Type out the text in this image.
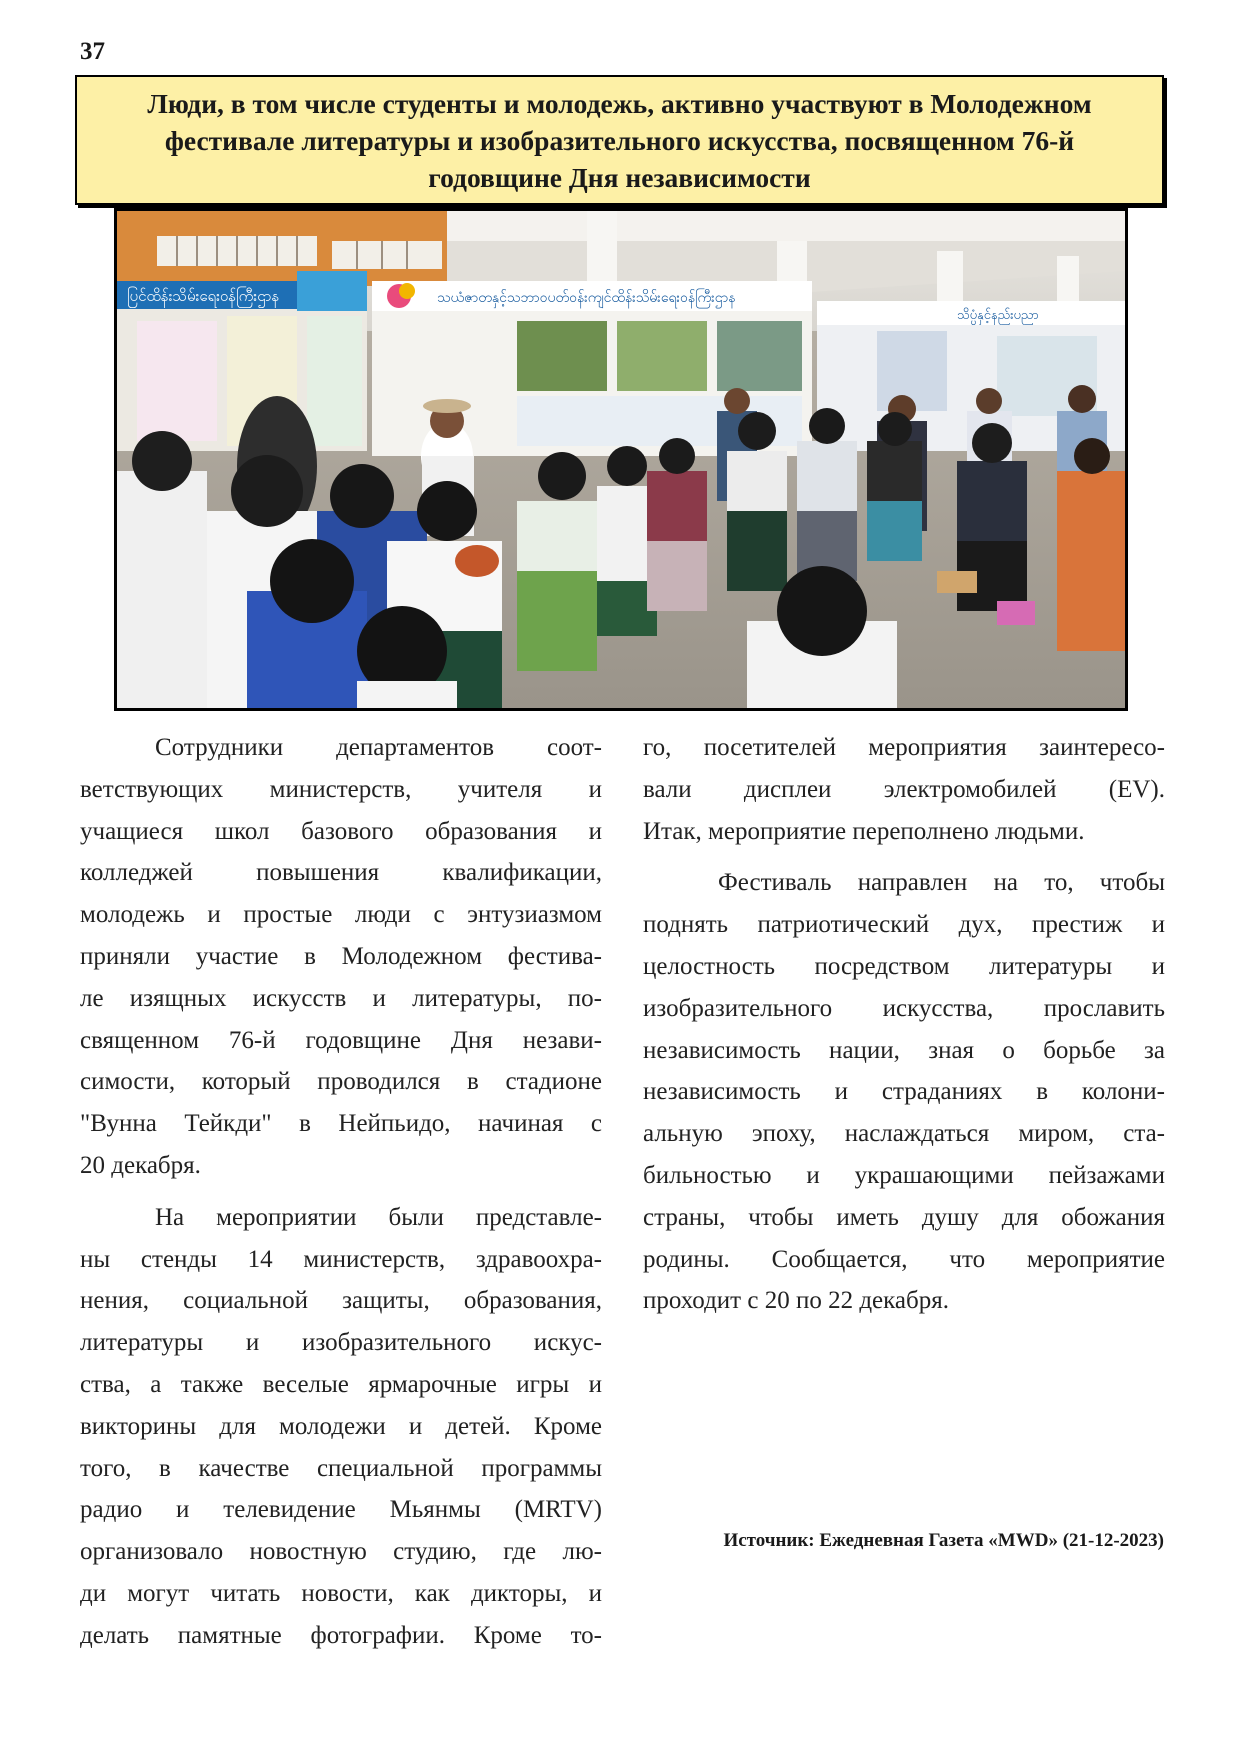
37
Люди, в том числе студенты и молодежь, активно участвуют в Молодежном
фестивале литературы и изобразительного искусства, посвященном 76-й
годовщине Дня независимости
ပြင်ထိန်းသိမ်းရေးဝန်ကြီးဌာန	သယံဇာတနှင့်သဘာဝပတ်ဝန်းကျင်ထိန်းသိမ်းရေးဝန်ကြီးဌာန
သိပ္ပံနှင့်နည်းပညာ

Сотрудники департаментов соот-
ветствующих министерств, учителя и
учащиеся школ базового образования и
колледжей повышения квалификации,
молодежь и простые люди с энтузиазмом
приняли участие в Молодежном фестива-
ле изящных искусств и литературы, по-
священном 76-й годовщине Дня незави-
симости, который проводился в стадионе
"Вунна Тейкди" в Нейпьидо, начиная с
20 декабря.

На мероприятии были представле-
ны стенды 14 министерств, здравоохра-
нения, социальной защиты, образования,
литературы и изобразительного искус-
ства, а также веселые ярмарочные игры и
викторины для молодежи и детей. Кроме
того, в качестве специальной программы
радио и телевидение Мьянмы (MRTV)
организовало новостную студию, где лю-
ди могут читать новости, как дикторы, и
делать памятные фотографии. Кроме то-

го, посетителей мероприятия заинтересо-
вали дисплеи электромобилей (EV).
Итак, мероприятие переполнено людьми.

Фестиваль направлен на то, чтобы
поднять патриотический дух, престиж и
целостность посредством литературы и
изобразительного искусства, прославить
независимость нации, зная о борьбе за
независимость и страданиях в колони-
альную эпоху, наслаждаться миром, ста-
бильностью и украшающими пейзажами
страны, чтобы иметь душу для обожания
родины. Сообщается, что мероприятие
проходит с 20 по 22 декабря.

Источник: Ежедневная Газета «MWD» (21-12-2023)
